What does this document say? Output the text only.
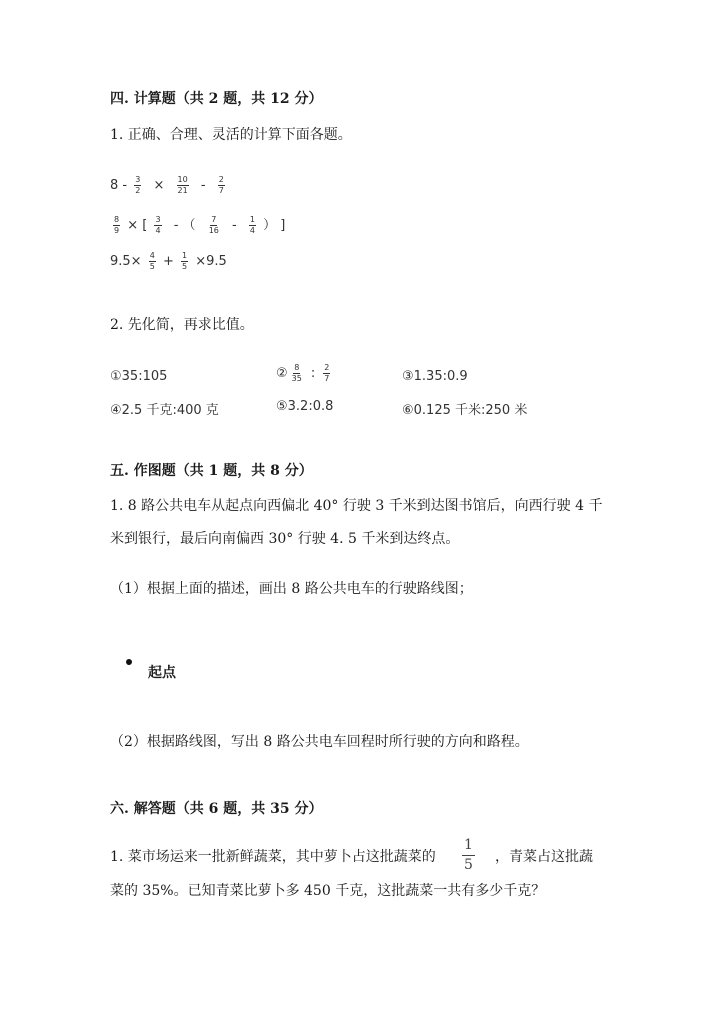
四. 计算题（共 2 题，共 12 分）
1. 正确、合理、灵活的计算下面各题。
$8 - \frac{3}{2} \times \frac{10}{21} - \frac{2}{7}$
$\frac{8}{9}$ × [ $\frac{3}{4}$ - （ $\frac{7}{16} - \frac{1}{4}$ ） ]
$9.5\times \frac{4}{5} + \frac{1}{5} \times 9.5$
2. 先化简，再求比值。
①35:105	② $\frac{8}{35}$ : $\frac{2}{7}$	③1.35:0.9
④2.5 千克:400 克	⑤3.2:0.8	⑥0.125 千米:250 米
五. 作图题（共 1 题，共 8 分）
1. 8 路公共电车从起点向西偏北 40° 行驶 3 千米到达图书馆后，向西行驶 4 千
米到银行，最后向南偏西 30° 行驶 4. 5 千米到达终点。
（1）根据上面的描述，画出 8 路公共电车的行驶路线图；
起点
（2）根据路线图，写出 8 路公共电车回程时所行驶的方向和路程。
六. 解答题（共 6 题，共 35 分）
1. 菜市场运来一批新鲜蔬菜，其中萝卜占这批蔬菜的 $\frac{1}{5}$ ，青菜占这批蔬
菜的 35%。已知青菜比萝卜多 450 千克，这批蔬菜一共有多少千克？
